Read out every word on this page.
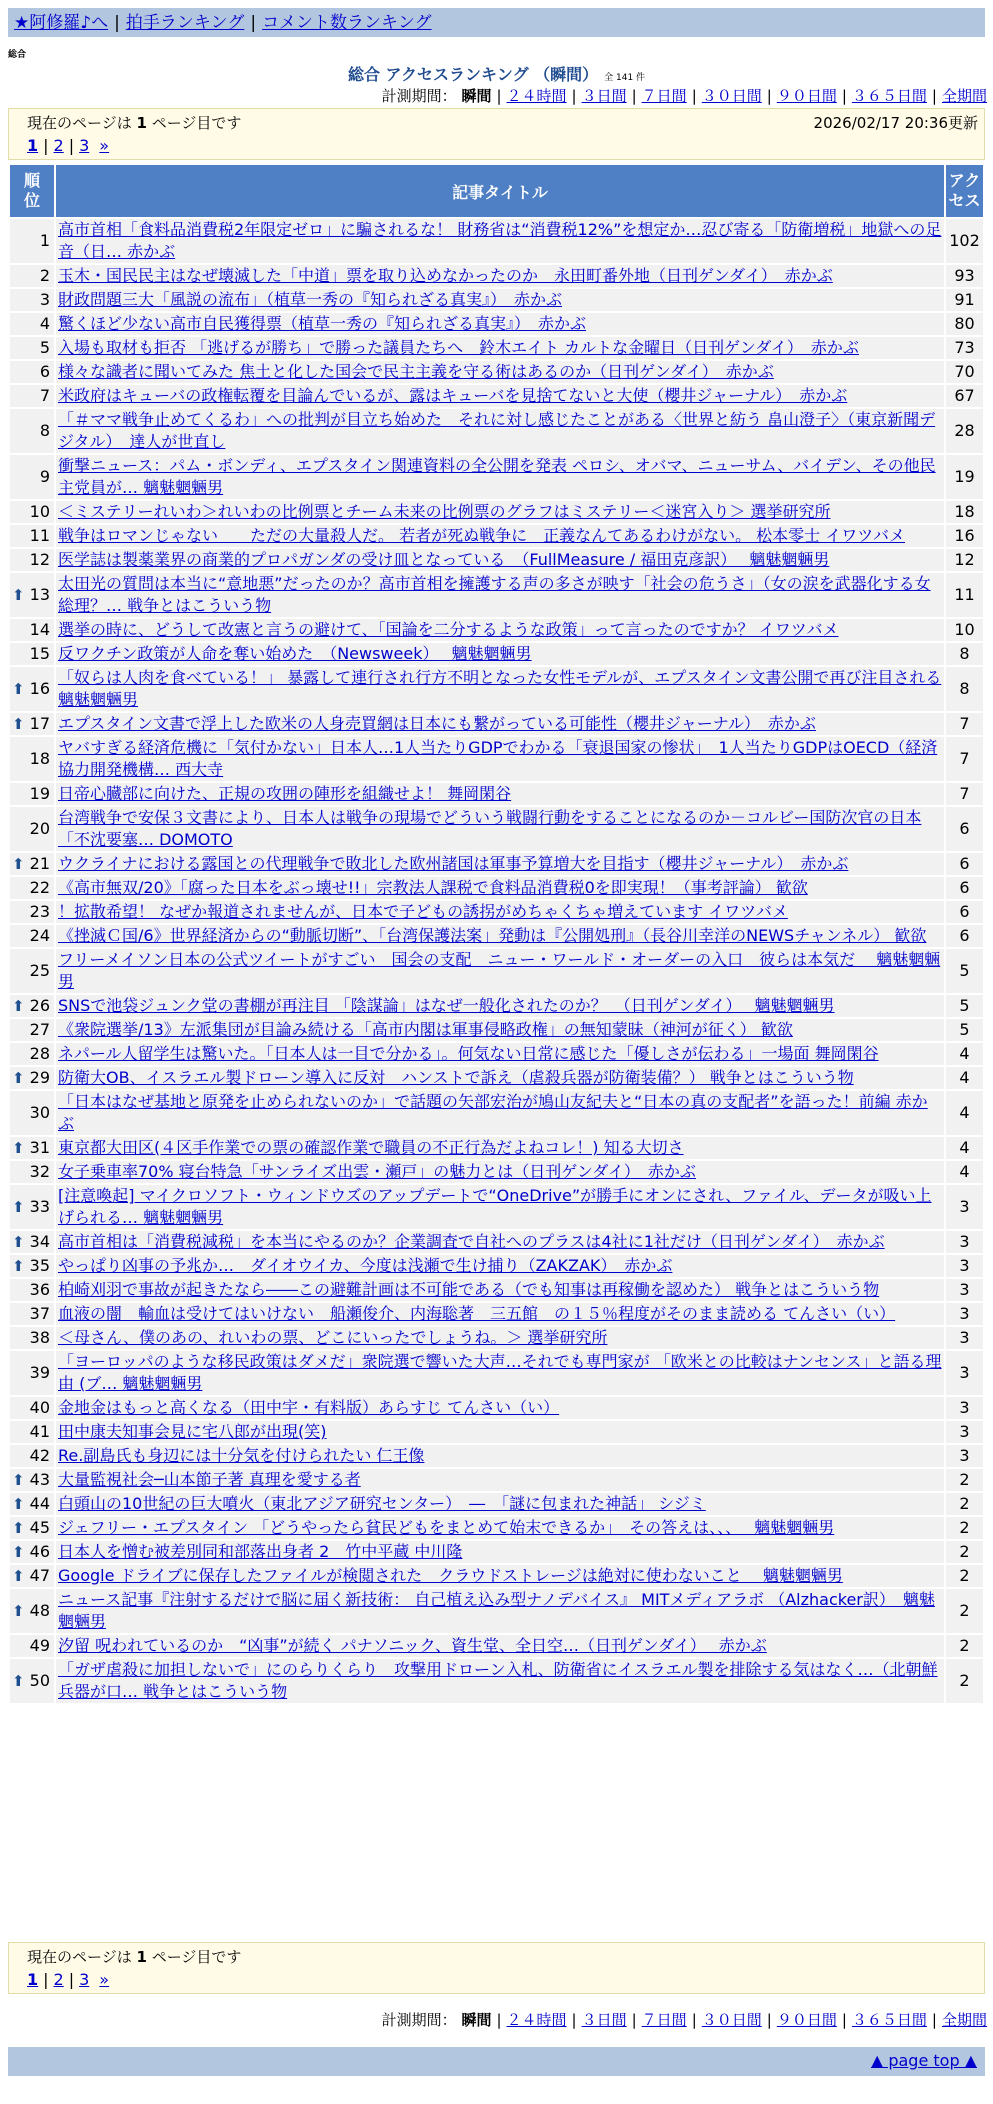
★阿修羅♪へ | 拍手ランキング | コメント数ランキング
総合
総合 アクセスランキング （瞬間） 全 141 件
計測期間： 瞬間 | ２４時間 | ３日間 | ７日間 | ３０日間 | ９０日間 | ３６５日間 | 全期間
現在のページは 1 ページ目です	2026/02/17 20:36更新
1 | 2 | 3 »
順位	記事タイトル	アクセス
1	高市首相「食料品消費税2年限定ゼロ」に騙されるな！ 財務省は“消費税12%”を想定か…忍び寄る「防衛増税」地獄への足音（日… 赤かぶ	102
2	玉木・国民民主はなぜ壊滅した「中道」票を取り込めなかったのか　永田町番外地（日刊ゲンダイ）　赤かぶ	93
3	財政問題三大「風説の流布」（植草一秀の『知られざる真実』）　赤かぶ	91
4	驚くほど少ない高市自民獲得票（植草一秀の『知られざる真実』）　赤かぶ	80
5	入場も取材も拒否 「逃げるが勝ち」で勝った議員たちへ　鈴木エイト カルトな金曜日（日刊ゲンダイ）　赤かぶ	73
6	様々な識者に聞いてみた 焦土と化した国会で民主主義を守る術はあるのか（日刊ゲンダイ）　赤かぶ	70
7	米政府はキューバの政権転覆を目論んでいるが、露はキューバを見捨てないと大使（櫻井ジャーナル）　赤かぶ	67
8	「＃ママ戦争止めてくるわ」への批判が目立ち始めた　それに対し感じたことがある〈世界と紡う 畠山澄子〉（東京新聞デジタル）　達人が世直し	28
9	衝撃ニュース：パム・ボンディ、エプスタイン関連資料の全公開を発表 ペロシ、オバマ、ニューサム、バイデン、その他民主党員が… 魑魅魍魎男	19
10	＜ミステリーれいわ＞れいわの比例票とチーム未来の比例票のグラフはミステリー＜迷宮入り＞ 選挙研究所	18
11	戦争はロマンじゃない　　ただの大量殺人だ。 若者が死ぬ戦争に　正義なんてあるわけがない。 松本零士 イワツバメ	16
12	医学誌は製薬業界の商業的プロパガンダの受け皿となっている　（FullMeasure / 福田克彦訳）　 魑魅魍魎男	12

⬆ 13	太田光の質問は本当に“意地悪”だったのか？高市首相を擁護する声の多さが映す「社会の危うさ」（女の涙を武器化する女総理？… 戦争とはこういう物	11
14	選挙の時に、どうして改憲と言うの避けて、「国論を二分するような政策」って言ったのですか？ イワツバメ	10
15	反ワクチン政策が人命を奪い始めた　（Newsweek）　 魑魅魍魎男	8

⬆ 16	「奴らは人肉を食べている！」 暴露して連行され行方不明となった女性モデルが、エプスタイン文書公開で再び注目される 魑魅魍魎男	8

⬆ 17	エプスタイン文書で浮上した欧米の人身売買網は日本にも繋がっている可能性（櫻井ジャーナル）　赤かぶ	7
18	ヤバすぎる経済危機に「気付かない」日本人…1人当たりGDPでわかる「衰退国家の惨状」　1人当たりGDPはOECD（経済協力開発機構… 西大寺	7
19	日帝心臓部に向けた、正規の攻囲の陣形を組織せよ！ 舞岡閑谷	7
20	台湾戦争で安保３文書により、日本人は戦争の現場でどういう戦闘行動をすることになるのか－コルビー国防次官の日本「不沈要塞… DOMOTO	6

⬆ 21	ウクライナにおける露国との代理戦争で敗北した欧州諸国は軍事予算増大を目指す（櫻井ジャーナル）　赤かぶ	6
22	《高市無双/20》「腐った日本をぶっ壊せ!!」宗教法人課税で食料品消費税0を即実現！（事考評論） 歓欲	6
23	！拡散希望！ なぜか報道されませんが、日本で子どもの誘拐がめちゃくちゃ増えています イワツバメ	6
24	《挫滅Ｃ国/6》世界経済からの“動脈切断”、「台湾保護法案」発動は『公開処刑』（長谷川幸洋のNEWSチャンネル） 歓欲	6
25	フリーメイソン日本の公式ツイートがすごい　国会の支配　ニュー・ワールド・オーダーの入口　彼らは本気だ　 魑魅魍魎男	5

⬆ 26	SNSで池袋ジュンク堂の書棚が再注目 「陰謀論」はなぜ一般化されたのか？　（日刊ゲンダイ）　 魑魅魍魎男	5
27	《衆院選挙/13》左派集団が目論み続ける「高市内閣は軍事侵略政権」の無知蒙昧（神河が征く） 歓欲	5
28	ネパール人留学生は驚いた。「日本人は一目で分かる」。何気ない日常に感じた「優しさが伝わる」一場面 舞岡閑谷	4

⬆ 29	防衛大OB、イスラエル製ドローン導入に反対　ハンストで訴え（虐殺兵器が防衛装備？） 戦争とはこういう物	4
30	「日本はなぜ基地と原発を止められないのか」で話題の矢部宏治が鳩山友紀夫と“日本の真の支配者”を語った！前編 赤かぶ	4

⬆ 31	東京都大田区(４区手作業での票の確認作業で職員の不正行為だよねコレ！) 知る大切さ	4
32	女子乗車率70% 寝台特急「サンライズ出雲・瀬戸」の魅力とは（日刊ゲンダイ）　赤かぶ	4

⬆ 33	[注意喚起] マイクロソフト・ウィンドウズのアップデートで“OneDrive”が勝手にオンにされ、ファイル、データが吸い上げられる… 魑魅魍魎男	3

⬆ 34	高市首相は「消費税減税」を本当にやるのか？企業調査で自社へのプラスは4社に1社だけ（日刊ゲンダイ）　赤かぶ	3

⬆ 35	やっぱり凶事の予兆か…　ダイオウイカ、今度は浅瀬で生け捕り（ZAKZAK）　赤かぶ	3
36	柏崎刈羽で事故が起きたなら――この避難計画は不可能である（でも知事は再稼働を認めた） 戦争とはこういう物	3
37	血液の闇　輸血は受けてはいけない　船瀬俊介、内海聡著　三五館　の１５％程度がそのまま読める てんさい（い）	3
38	＜母さん、僕のあの、れいわの票、どこにいったでしょうね。＞ 選挙研究所	3
39	「ヨーロッパのような移民政策はダメだ」衆院選で響いた大声…それでも専門家が 「欧米との比較はナンセンス」と語る理由 (ブ… 魑魅魍魎男	3
40	金地金はもっと高くなる（田中宇・有料版）あらすじ てんさい（い）	3
41	田中康夫知事会見に宅八郎が出現(笑)	3
42	Re.副島氏も身辺には十分気を付けられたい 仁王像	3

⬆ 43	大量監視社会─山本節子著 真理を愛する者	2

⬆ 44	白頭山の10世紀の巨大噴火（東北アジア研究センター）　―　「謎に包まれた神話」 シジミ	2

⬆ 45	ジェフリー・エプスタイン 「どうやったら貧民どもをまとめて始末できるか」　その答えは、、、　 魑魅魍魎男	2

⬆ 46	日本人を憎む被差別同和部落出身者 2　竹中平蔵 中川隆	2

⬆ 47	Google ドライブに保存したファイルが検閲された　クラウドストレージは絶対に使わないこと　 魑魅魍魎男	2

⬆ 48	ニュース記事『注射するだけで脳に届く新技術： 自己植え込み型ナノデバイス』 MITメディアラボ （Alzhacker訳）　魑魅魍魎男	2
49	汐留 呪われているのか　“凶事”が続く パナソニック、資生堂、全日空…（日刊ゲンダイ）　 赤かぶ	2

⬆ 50	「ガザ虐殺に加担しないで」にのらりくらり　攻撃用ドローン入札、防衛省にイスラエル製を排除する気はなく…（北朝鮮兵器が口… 戦争とはこういう物	2
現在のページは 1 ページ目です
1 | 2 | 3 »
計測期間： 瞬間 | ２４時間 | ３日間 | ７日間 | ３０日間 | ９０日間 | ３６５日間 | 全期間
▲ page top ▲
